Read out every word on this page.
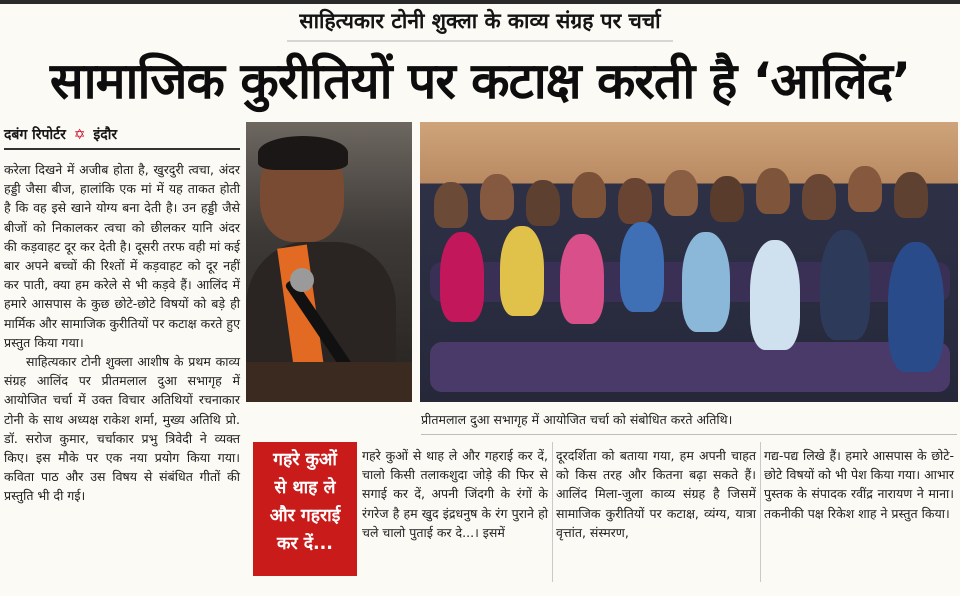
साहित्यकार टोनी शुक्ला के काव्य संग्रह पर चर्चा
सामाजिक कुरीतियों पर कटाक्ष करती है ‘आलिंद’
दबंग रिपोर्टर ✡ इंदौर

करेला दिखने में अजीब होता है, खुरदुरी त्वचा, अंदर हड्डी जैसा बीज, हालांकि एक मां में यह ताकत होती है कि वह इसे खाने योग्य बना देती है। उन हड्डी जैसे बीजों को निकालकर त्वचा को छीलकर यानि अंदर की कड़वाहट दूर कर देती है। दूसरी तरफ वही मां कई बार अपने बच्चों की रिश्तों में कड़वाहट को दूर नहीं कर पाती, क्या हम करेले से भी कड़वे हैं। आलिंद में हमारे आसपास के कुछ छोटे-छोटे विषयों को बड़े ही मार्मिक और सामाजिक कुरीतियों पर कटाक्ष करते हुए प्रस्तुत किया गया।

साहित्यकार टोनी शुक्ला आशीष के प्रथम काव्य संग्रह आलिंद पर प्रीतमलाल दुआ सभागृह में आयोजित चर्चा में उक्त विचार अतिथियों रचनाकार टोनी के साथ अध्यक्ष राकेश शर्मा, मुख्य अतिथि प्रो. डॉ. सरोज कुमार, चर्चाकार प्रभु त्रिवेदी ने व्यक्त किए। इस मौके पर एक नया प्रयोग किया गया। कविता पाठ और उस विषय से संबंधित गीतों की प्रस्तुति भी दी गई।

प्रीतमलाल दुआ सभागृह में आयोजित चर्चा को संबोधित करते अतिथि।
गहरे कुओं
से थाह ले
और गहराई
कर दें...
गहरे कुओं से थाह ले और गहराई कर दें, चालो किसी तलाकशुदा जोड़े की फिर से सगाई कर दें, अपनी जिंदगी के रंगों के रंगरेज है हम खुद इंद्रधनुष के रंग पुराने हो चले चालो पुताई कर दे...। इसमें
दूरदर्शिता को बताया गया, हम अपनी चाहत को किस तरह और कितना बढ़ा सकते हैं। आलिंद मिला-जुला काव्य संग्रह है जिसमें सामाजिक कुरीतियों पर कटाक्ष, व्यंग्य, यात्रा वृत्तांत, संस्मरण,
गद्य-पद्य लिखे हैं। हमारे आसपास के छोटे-छोटे विषयों को भी पेश किया गया। आभार पुस्तक के संपादक रवींद्र नारायण ने माना। तकनीकी पक्ष रिकेश शाह ने प्रस्तुत किया।
